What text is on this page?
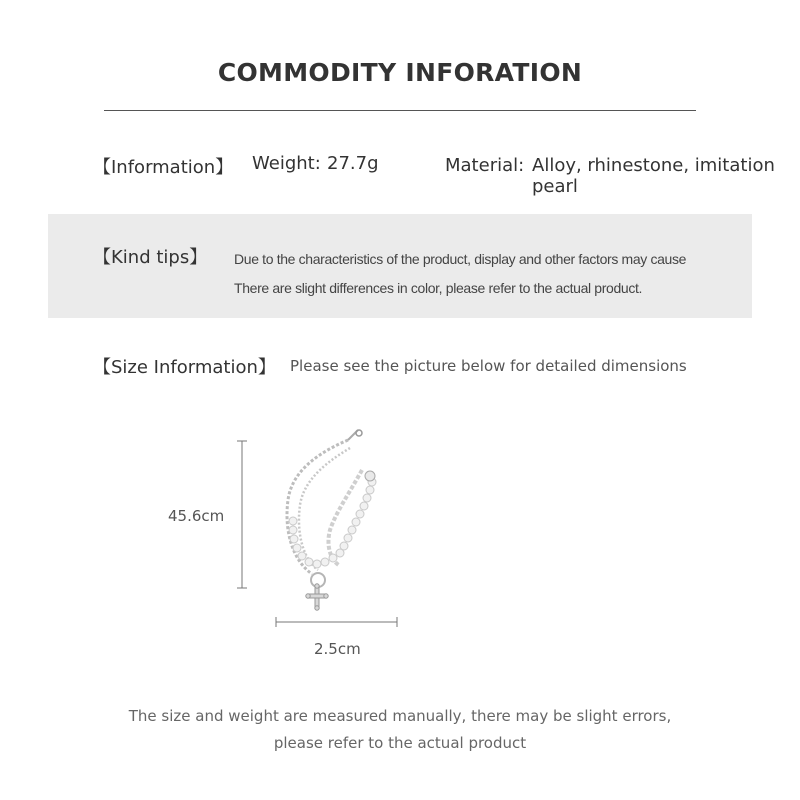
COMMODITY INFORATION
【Information】 Weight: 27.7g	Material: Alloy, rhinestone, imitation pearl
【Kind tips】 Due to the characteristics of the product, display and other factors may cause
There are slight differences in color, please refer to the actual product.
【Size Information】 Please see the picture below for detailed dimensions
45.6cm
2.5cm
The size and weight are measured manually, there may be slight errors,
please refer to the actual product
